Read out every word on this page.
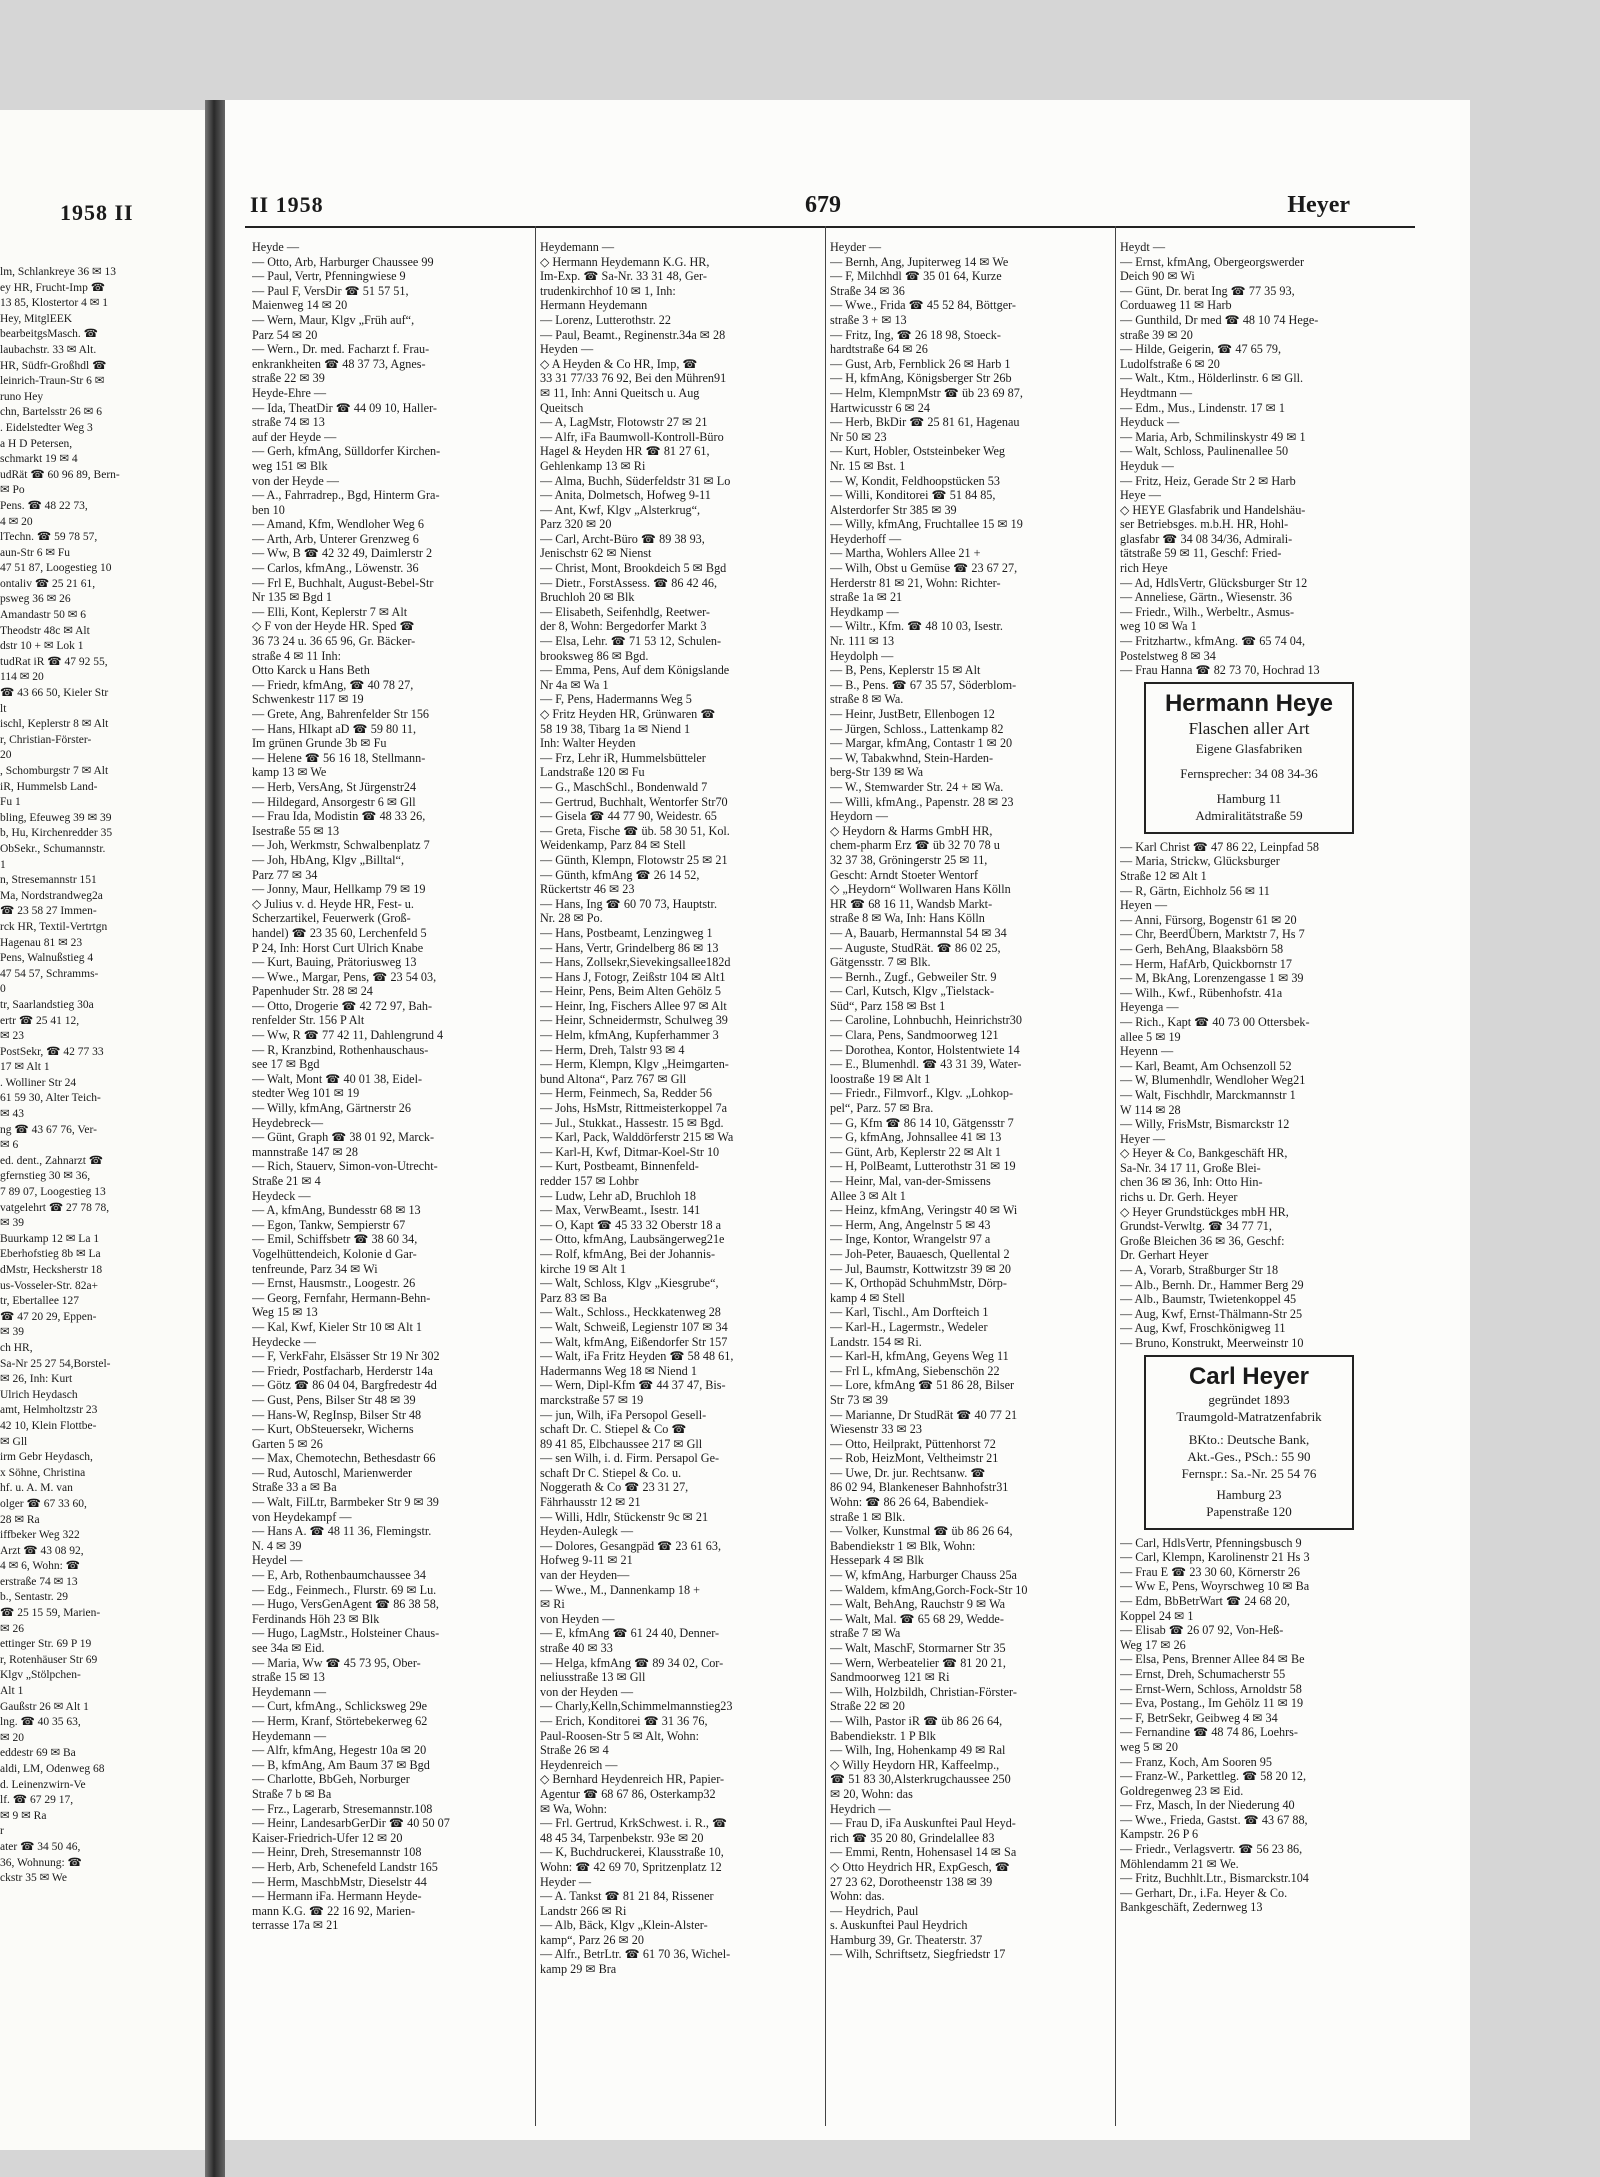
1958 II
lm, Schlankreye 36 ✉ 13
ey HR, Frucht-Imp ☎
13 85, Klostertor 4 ✉ 1
Hey, MitglEEK
bearbeitgsMasch. ☎
laubachstr. 33 ✉ Alt.
HR, Südfr-Großhdl ☎
leinrich-Traun-Str 6 ✉
runo Hey
chn, Bartelsstr 26 ✉ 6
. Eidelstedter Weg 3
a H D Petersen,
schmarkt 19 ✉ 4
udRät ☎ 60 96 89, Bern-
✉ Po
Pens. ☎ 48 22 73,
4 ✉ 20
lTechn. ☎ 59 78 57,
aun-Str 6 ✉ Fu
47 51 87, Loogestieg 10
ontaliv ☎ 25 21 61,
psweg 36 ✉ 26
Amandastr 50 ✉ 6
Theodstr 48c ✉ Alt
dstr 10 + ✉ Lok 1
tudRat iR ☎ 47 92 55,
114 ✉ 20
☎ 43 66 50, Kieler Str
lt
ischl, Keplerstr 8 ✉ Alt
r, Christian-Förster-
20
, Schomburgstr 7 ✉ Alt
iR, Hummelsb Land-
Fu 1
bling, Efeuweg 39 ✉ 39
b, Hu, Kirchenredder 35
ObSekr., Schumannstr.
1
n, Stresemannstr 151
Ma, Nordstrandweg2a
☎ 23 58 27 Immen-
rck HR, Textil-Vertrtgn
Hagenau 81 ✉ 23
Pens, Walnußstieg 4
47 54 57, Schramms-
0
tr, Saarlandstieg 30a
ertr ☎ 25 41 12,
✉ 23
PostSekr, ☎ 42 77 33
17 ✉ Alt 1
. Wolliner Str 24
61 59 30, Alter Teich-
✉ 43
ng ☎ 43 67 76, Ver-
✉ 6
ed. dent., Zahnarzt ☎
gfernstieg 30 ✉ 36,
7 89 07, Loogestieg 13
vatgelehrt ☎ 27 78 78,
✉ 39
Buurkamp 12 ✉ La 1
Eberhofstieg 8b ✉ La
dMstr, Hecksherstr 18
us-Vosseler-Str. 82a+
tr, Ebertallee 127
☎ 47 20 29, Eppen-
✉ 39
ch HR,
Sa-Nr 25 27 54,Borstel-
✉ 26, Inh: Kurt
Ulrich Heydasch
amt, Helmholtzstr 23
42 10, Klein Flottbe-
✉ Gll
irm Gebr Heydasch,
x Söhne, Christina
hf. u. A. M. van
olger ☎ 67 33 60,
28 ✉ Ra
iffbeker Weg 322
Arzt ☎ 43 08 92,
4 ✉ 6, Wohn: ☎
erstraße 74 ✉ 13
b., Sentastr. 29
☎ 25 15 59, Marien-
✉ 26
ettinger Str. 69 P 19
r, Rotenhäuser Str 69
Klgv „Stölpchen-
Alt 1
Gaußstr 26 ✉ Alt 1
lng. ☎ 40 35 63,
✉ 20
eddestr 69 ✉ Ba
aldi, LM, Odenweg 68
d. Leinenzwirn-Ve
lf. ☎ 67 29 17,
✉ 9 ✉ Ra
r
ater ☎ 34 50 46,
36, Wohnung: ☎
ckstr 35 ✉ We
II 1958	679	Heyer
Heyde —
— Otto, Arb, Harburger Chaussee 99
— Paul, Vertr, Pfenningwiese 9
— Paul F, VersDir ☎ 51 57 51,
Maienweg 14 ✉ 20
— Wern, Maur, Klgv „Früh auf“,
Parz 54 ✉ 20
— Wern., Dr. med. Facharzt f. Frau-
enkrankheiten ☎ 48 37 73, Agnes-
straße 22 ✉ 39
Heyde-Ehre —
— Ida, TheatDir ☎ 44 09 10, Haller-
straße 74 ✉ 13
auf der Heyde —
— Gerh, kfmAng, Sülldorfer Kirchen-
weg 151 ✉ Blk
von der Heyde —
— A., Fahrradrep., Bgd, Hinterm Gra-
ben 10
— Amand, Kfm, Wendloher Weg 6
— Arth, Arb, Unterer Grenzweg 6
— Ww, B ☎ 42 32 49, Daimlerstr 2
— Carlos, kfmAng., Löwenstr. 36
— Frl E, Buchhalt, August-Bebel-Str
Nr 135 ✉ Bgd 1
— Elli, Kont, Keplerstr 7 ✉ Alt
◇ F von der Heyde HR. Sped ☎
36 73 24 u. 36 65 96, Gr. Bäcker-
straße 4 ✉ 11 Inh:
Otto Karck u Hans Beth
— Friedr, kfmAng, ☎ 40 78 27,
Schwenkestr 117 ✉ 19
— Grete, Ang, Bahrenfelder Str 156
— Hans, HIkapt aD ☎ 59 80 11,
Im grünen Grunde 3b ✉ Fu
— Helene ☎ 56 16 18, Stellmann-
kamp 13 ✉ We
— Herb, VersAng, St Jürgenstr24
— Hildegard, Ansorgestr 6 ✉ Gll
— Frau Ida, Modistin ☎ 48 33 26,
Isestraße 55 ✉ 13
— Joh, Werkmstr, Schwalbenplatz 7
— Joh, HbAng, Klgv „Billtal“,
Parz 77 ✉ 34
— Jonny, Maur, Hellkamp 79 ✉ 19
◇ Julius v. d. Heyde HR, Fest- u.
Scherzartikel, Feuerwerk (Groß-
handel) ☎ 23 35 60, Lerchenfeld 5
P 24, Inh: Horst Curt Ulrich Knabe
— Kurt, Bauing, Prätoriusweg 13
— Wwe., Margar, Pens, ☎ 23 54 03,
Papenhuder Str. 28 ✉ 24
— Otto, Drogerie ☎ 42 72 97, Bah-
renfelder Str. 156 P Alt
— Ww, R ☎ 77 42 11, Dahlengrund 4
— R, Kranzbind, Rothenhauschaus-
see 17 ✉ Bgd
— Walt, Mont ☎ 40 01 38, Eidel-
stedter Weg 101 ✉ 19
— Willy, kfmAng, Gärtnerstr 26
Heydebreck—
— Günt, Graph ☎ 38 01 92, Marck-
mannstraße 147 ✉ 28
— Rich, Stauerv, Simon-von-Utrecht-
Straße 21 ✉ 4
Heydeck —
— A, kfmAng, Bundesstr 68 ✉ 13
— Egon, Tankw, Sempierstr 67
— Emil, Schiffsbetr ☎ 38 60 34,
Vogelhüttendeich, Kolonie d Gar-
tenfreunde, Parz 34 ✉ Wi
— Ernst, Hausmstr., Loogestr. 26
— Georg, Fernfahr, Hermann-Behn-
Weg 15 ✉ 13
— Kal, Kwf, Kieler Str 10 ✉ Alt 1
Heydecke —
— F, VerkFahr, Elsässer Str 19 Nr 302
— Friedr, Postfacharb, Herderstr 14a
— Götz ☎ 86 04 04, Bargfredestr 4d
— Gust, Pens, Bilser Str 48 ✉ 39
— Hans-W, RegInsp, Bilser Str 48
— Kurt, ObSteuersekr, Wicherns
Garten 5 ✉ 26
— Max, Chemotechn, Bethesdastr 66
— Rud, Autoschl, Marienwerder
Straße 33 a ✉ Ba
— Walt, FilLtr, Barmbeker Str 9 ✉ 39
von Heydekampf —
— Hans A. ☎ 48 11 36, Flemingstr.
N. 4 ✉ 39
Heydel —
— E, Arb, Rothenbaumchaussee 34
— Edg., Feinmech., Flurstr. 69 ✉ Lu.
— Hugo, VersGenAgent ☎ 86 38 58,
Ferdinands Höh 23 ✉ Blk
— Hugo, LagMstr., Holsteiner Chaus-
see 34a ✉ Eid.
— Maria, Ww ☎ 45 73 95, Ober-
straße 15 ✉ 13
Heydemann —
— Curt, kfmAng., Schlicksweg 29e
— Herm, Kranf, Störtebekerweg 62
Heydemann —
— Alfr, kfmAng, Hegestr 10a ✉ 20
— B, kfmAng, Am Baum 37 ✉ Bgd
— Charlotte, BbGeh, Norburger
Straße 7 b ✉ Ba
— Frz., Lagerarb, Stresemannstr.108
— Heinr, LandesarbGerDir ☎ 40 50 07
Kaiser-Friedrich-Ufer 12 ✉ 20
— Heinr, Dreh, Stresemannstr 108
— Herb, Arb, Schenefeld Landstr 165
— Herm, MaschbMstr, Dieselstr 44
— Hermann iFa. Hermann Heyde-
mann K.G. ☎ 22 16 92, Marien-
terrasse 17a ✉ 21
Heydemann —
◇ Hermann Heydemann K.G. HR,
Im-Exp. ☎ Sa-Nr. 33 31 48, Ger-
trudenkirchhof 10 ✉ 1, Inh:
Hermann Heydemann
— Lorenz, Lutterothstr. 22
— Paul, Beamt., Reginenstr.34a ✉ 28
Heyden —
◇ A Heyden & Co HR, Imp, ☎
33 31 77/33 76 92, Bei den Mühren91
✉ 11, Inh: Anni Queitsch u. Aug
Queitsch
— A, LagMstr, Flotowstr 27 ✉ 21
— Alfr, iFa Baumwoll-Kontroll-Büro
Hagel & Heyden HR ☎ 81 27 61,
Gehlenkamp 13 ✉ Ri
— Alma, Buchh, Süderfeldstr 31 ✉ Lo
— Anita, Dolmetsch, Hofweg 9-11
— Ant, Kwf, Klgv „Alsterkrug“,
Parz 320 ✉ 20
— Carl, Archt-Büro ☎ 89 38 93,
Jenischstr 62 ✉ Nienst
— Christ, Mont, Brookdeich 5 ✉ Bgd
— Dietr., ForstAssess. ☎ 86 42 46,
Bruchloh 20 ✉ Blk
— Elisabeth, Seifenhdlg, Reetwer-
der 8, Wohn: Bergedorfer Markt 3
— Elsa, Lehr. ☎ 71 53 12, Schulen-
brooksweg 86 ✉ Bgd.
— Emma, Pens, Auf dem Königslande
Nr 4a ✉ Wa 1
— F, Pens, Hadermanns Weg 5
◇ Fritz Heyden HR, Grünwaren ☎
58 19 38, Tibarg 1a ✉ Niend 1
Inh: Walter Heyden
— Frz, Lehr iR, Hummelsbütteler
Landstraße 120 ✉ Fu
— G., MaschSchl., Bondenwald 7
— Gertrud, Buchhalt, Wentorfer Str70
— Gisela ☎ 44 77 90, Weidestr. 65
— Greta, Fische ☎ üb. 58 30 51, Kol.
Weidenkamp, Parz 84 ✉ Stell
— Günth, Klempn, Flotowstr 25 ✉ 21
— Günth, kfmAng ☎ 26 14 52,
Rückertstr 46 ✉ 23
— Hans, Ing ☎ 60 70 73, Hauptstr.
Nr. 28 ✉ Po.
— Hans, Postbeamt, Lenzingweg 1
— Hans, Vertr, Grindelberg 86 ✉ 13
— Hans, Zollsekr,Sievekingsallee182d
— Hans J, Fotogr, Zeißstr 104 ✉ Alt1
— Heinr, Pens, Beim Alten Gehölz 5
— Heinr, Ing, Fischers Allee 97 ✉ Alt
— Heinr, Schneidermstr, Schulweg 39
— Helm, kfmAng, Kupferhammer 3
— Herm, Dreh, Talstr 93 ✉ 4
— Herm, Klempn, Klgv „Heimgarten-
bund Altona“, Parz 767 ✉ Gll
— Herm, Feinmech, Sa, Redder 56
— Johs, HsMstr, Rittmeisterkoppel 7a
— Jul., Stukkat., Hassestr. 15 ✉ Bgd.
— Karl, Pack, Walddörferstr 215 ✉ Wa
— Karl-H, Kwf, Ditmar-Koel-Str 10
— Kurt, Postbeamt, Binnenfeld-
redder 157 ✉ Lohbr
— Ludw, Lehr aD, Bruchloh 18
— Max, VerwBeamt., Isestr. 141
— O, Kapt ☎ 45 33 32 Oberstr 18 a
— Otto, kfmAng, Laubsängerweg21e
— Rolf, kfmAng, Bei der Johannis-
kirche 19 ✉ Alt 1
— Walt, Schloss, Klgv „Kiesgrube“,
Parz 83 ✉ Ba
— Walt., Schloss., Heckkatenweg 28
— Walt, Schweiß, Legienstr 107 ✉ 34
— Walt, kfmAng, Eißendorfer Str 157
— Walt, iFa Fritz Heyden ☎ 58 48 61,
Hadermanns Weg 18 ✉ Niend 1
— Wern, Dipl-Kfm ☎ 44 37 47, Bis-
marckstraße 57 ✉ 19
— jun, Wilh, iFa Persopol Gesell-
schaft Dr. C. Stiepel & Co ☎
89 41 85, Elbchaussee 217 ✉ Gll
— sen Wilh, i. d. Firm. Persapol Ge-
schaft Dr C. Stiepel & Co. u.
Noggerath & Co ☎ 23 31 27,
Fährhausstr 12 ✉ 21
— Willi, Hdlr, Stückenstr 9c ✉ 21
Heyden-Aulegk —
— Dolores, Gesangpäd ☎ 23 61 63,
Hofweg 9-11 ✉ 21
van der Heyden—
— Wwe., M., Dannenkamp 18 +
✉ Ri
von Heyden —
— E, kfmAng ☎ 61 24 40, Denner-
straße 40 ✉ 33
— Helga, kfmAng ☎ 89 34 02, Cor-
neliusstraße 13 ✉ Gll
von der Heyden —
— Charly,Kelln,Schimmelmannstieg23
— Erich, Konditorei ☎ 31 36 76,
Paul-Roosen-Str 5 ✉ Alt, Wohn:
Straße 26 ✉ 4
Heydenreich —
◇ Bernhard Heydenreich HR, Papier-
Agentur ☎ 68 67 86, Osterkamp32
✉ Wa, Wohn:
— Frl. Gertrud, KrkSchwest. i. R., ☎
48 45 34, Tarpenbekstr. 93e ✉ 20
— K, Buchdruckerei, Klausstraße 10,
Wohn: ☎ 42 69 70, Spritzenplatz 12
Heyder —
— A. Tankst ☎ 81 21 84, Rissener
Landstr 266 ✉ Ri
— Alb, Bäck, Klgv „Klein-Alster-
kamp“, Parz 26 ✉ 20
— Alfr., BetrLtr. ☎ 61 70 36, Wichel-
kamp 29 ✉ Bra
Heyder —
— Bernh, Ang, Jupiterweg 14 ✉ We
— F, Milchhdl ☎ 35 01 64, Kurze
Straße 34 ✉ 36
— Wwe., Frida ☎ 45 52 84, Böttger-
straße 3 + ✉ 13
— Fritz, Ing, ☎ 26 18 98, Stoeck-
hardtstraße 64 ✉ 26
— Gust, Arb, Fernblick 26 ✉ Harb 1
— H, kfmAng, Königsberger Str 26b
— Helm, KlempnMstr ☎ üb 23 69 87,
Hartwicusstr 6 ✉ 24
— Herb, BkDir ☎ 25 81 61, Hagenau
Nr 50 ✉ 23
— Kurt, Hobler, Oststeinbeker Weg
Nr. 15 ✉ Bst. 1
— W, Kondit, Feldhoopstücken 53
— Willi, Konditorei ☎ 51 84 85,
Alsterdorfer Str 385 ✉ 39
— Willy, kfmAng, Fruchtallee 15 ✉ 19
Heyderhoff —
— Martha, Wohlers Allee 21 +
— Wilh, Obst u Gemüse ☎ 23 67 27,
Herderstr 81 ✉ 21, Wohn: Richter-
straße 1a ✉ 21
Heydkamp —
— Wiltr., Kfm. ☎ 48 10 03, Isestr.
Nr. 111 ✉ 13
Heydolph —
— B, Pens, Keplerstr 15 ✉ Alt
— B., Pens. ☎ 67 35 57, Söderblom-
straße 8 ✉ Wa.
— Heinr, JustBetr, Ellenbogen 12
— Jürgen, Schloss., Lattenkamp 82
— Margar, kfmAng, Contastr 1 ✉ 20
— W, Tabakwhnd, Stein-Harden-
berg-Str 139 ✉ Wa
— W., Stemwarder Str. 24 + ✉ Wa.
— Willi, kfmAng., Papenstr. 28 ✉ 23
Heydorn —
◇ Heydorn & Harms GmbH HR,
chem-pharm Erz ☎ üb 32 70 78 u
32 37 38, Gröningerstr 25 ✉ 11,
Gescht: Arndt Stoeter Wentorf
◇ „Heydorn“ Wollwaren Hans Kölln
HR ☎ 68 16 11, Wandsb Markt-
straße 8 ✉ Wa, Inh: Hans Kölln
— A, Bauarb, Hermannstal 54 ✉ 34
— Auguste, StudRät. ☎ 86 02 25,
Gätgensstr. 7 ✉ Blk.
— Bernh., Zugf., Gebweiler Str. 9
— Carl, Kutsch, Klgv „Tielstack-
Süd“, Parz 158 ✉ Bst 1
— Caroline, Lohnbuchh, Heinrichstr30
— Clara, Pens, Sandmoorweg 121
— Dorothea, Kontor, Holstentwiete 14
— E., Blumenhdl. ☎ 43 31 39, Water-
loostraße 19 ✉ Alt 1
— Friedr., Filmvorf., Klgv. „Lohkop-
pel“, Parz. 57 ✉ Bra.
— G, Kfm ☎ 86 14 10, Gätgensstr 7
— G, kfmAng, Johnsallee 41 ✉ 13
— Günt, Arb, Keplerstr 22 ✉ Alt 1
— H, PolBeamt, Lutterothstr 31 ✉ 19
— Heinr, Mal, van-der-Smissens
Allee 3 ✉ Alt 1
— Heinz, kfmAng, Veringstr 40 ✉ Wi
— Herm, Ang, Angelnstr 5 ✉ 43
— Inge, Kontor, Wrangelstr 97 a
— Joh-Peter, Bauaesch, Quellental 2
— Jul, Baumstr, Kottwitzstr 39 ✉ 20
— K, Orthopäd SchuhmMstr, Dörp-
kamp 4 ✉ Stell
— Karl, Tischl., Am Dorfteich 1
— Karl-H., Lagermstr., Wedeler
Landstr. 154 ✉ Ri.
— Karl-H, kfmAng, Geyens Weg 11
— Frl L, kfmAng, Siebenschön 22
— Lore, kfmAng ☎ 51 86 28, Bilser
Str 73 ✉ 39
— Marianne, Dr StudRät ☎ 40 77 21
Wiesenstr 33 ✉ 23
— Otto, Heilprakt, Püttenhorst 72
— Rob, HeizMont, Veltheimstr 21
— Uwe, Dr. jur. Rechtsanw. ☎
86 02 94, Blankeneser Bahnhofstr31
Wohn: ☎ 86 26 64, Babendiek-
straße 1 ✉ Blk.
— Volker, Kunstmal ☎ üb 86 26 64,
Babendiekstr 1 ✉ Blk, Wohn:
Hessepark 4 ✉ Blk
— W, kfmAng, Harburger Chauss 25a
— Waldem, kfmAng,Gorch-Fock-Str 10
— Walt, BehAng, Rauchstr 9 ✉ Wa
— Walt, Mal. ☎ 65 68 29, Wedde-
straße 7 ✉ Wa
— Walt, MaschF, Stormarner Str 35
— Wern, Werbeatelier ☎ 81 20 21,
Sandmoorweg 121 ✉ Ri
— Wilh, Holzbildh, Christian-Förster-
Straße 22 ✉ 20
— Wilh, Pastor iR ☎ üb 86 26 64,
Babendiekstr. 1 P Blk
— Wilh, Ing, Hohenkamp 49 ✉ Ral
◇ Willy Heydorn HR, Kaffeelmp.,
☎ 51 83 30,Alsterkrugchaussee 250
✉ 20, Wohn: das
Heydrich —
— Frau D, iFa Auskunftei Paul Heyd-
rich ☎ 35 20 80, Grindelallee 83
— Emmi, Rentn, Hohensasel 14 ✉ Sa
◇ Otto Heydrich HR, ExpGesch, ☎
27 23 62, Dorotheenstr 138 ✉ 39
Wohn: das.
— Heydrich, Paul
s. Auskunftei Paul Heydrich
Hamburg 39, Gr. Theaterstr. 37
— Wilh, Schriftsetz, Siegfriedstr 17
Heydt —
— Ernst, kfmAng, Obergeorgswerder
Deich 90 ✉ Wi
— Günt, Dr. berat Ing ☎ 77 35 93,
Corduaweg 11 ✉ Harb
— Gunthild, Dr med ☎ 48 10 74 Hege-
straße 39 ✉ 20
— Hilde, Geigerin, ☎ 47 65 79,
Ludolfstraße 6 ✉ 20
— Walt., Ktm., Hölderlinstr. 6 ✉ Gll.
Heydtmann —
— Edm., Mus., Lindenstr. 17 ✉ 1
Heyduck —
— Maria, Arb, Schmilinskystr 49 ✉ 1
— Walt, Schloss, Paulinenallee 50
Heyduk —
— Fritz, Heiz, Gerade Str 2 ✉ Harb
Heye —
◇ HEYE Glasfabrik und Handelshäu-
ser Betriebsges. m.b.H. HR, Hohl-
glasfabr ☎ 34 08 34/36, Admirali-
tätstraße 59 ✉ 11, Geschf: Fried-
rich Heye
— Ad, HdlsVertr, Glücksburger Str 12
— Anneliese, Gärtn., Wiesenstr. 36
— Friedr., Wilh., Werbeltr., Asmus-
weg 10 ✉ Wa 1
— Fritzhartw., kfmAng. ☎ 65 74 04,
Postelstweg 8 ✉ 34
— Frau Hanna ☎ 82 73 70, Hochrad 13
Hermann Heye
Flaschen aller Art
Eigene Glasfabriken
Fernsprecher: 34 08 34-36
Hamburg 11
Admiralitätstraße 59
— Karl Christ ☎ 47 86 22, Leinpfad 58
— Maria, Strickw, Glücksburger
Straße 12 ✉ Alt 1
— R, Gärtn, Eichholz 56 ✉ 11
Heyen —
— Anni, Fürsorg, Bogenstr 61 ✉ 20
— Chr, BeerdÜbern, Marktstr 7, Hs 7
— Gerh, BehAng, Blaaksbörn 58
— Herm, HafArb, Quickbornstr 17
— M, BkAng, Lorenzengasse 1 ✉ 39
— Wilh., Kwf., Rübenhofstr. 41a
Heyenga —
— Rich., Kapt ☎ 40 73 00 Ottersbek-
allee 5 ✉ 19
Heyenn —
— Karl, Beamt, Am Ochsenzoll 52
— W, Blumenhdlr, Wendloher Weg21
— Walt, Fischhdlr, Marckmannstr 1
W 114 ✉ 28
— Willy, FrisMstr, Bismarckstr 12
Heyer —
◇ Heyer & Co, Bankgeschäft HR,
Sa-Nr. 34 17 11, Große Blei-
chen 36 ✉ 36, Inh: Otto Hin-
richs u. Dr. Gerh. Heyer
◇ Heyer Grundstückges mbH HR,
Grundst-Verwltg. ☎ 34 77 71,
Große Bleichen 36 ✉ 36, Geschf:
Dr. Gerhart Heyer
— A, Vorarb, Straßburger Str 18
— Alb., Bernh. Dr., Hammer Berg 29
— Alb., Baumstr, Twietenkoppel 45
— Aug, Kwf, Ernst-Thälmann-Str 25
— Aug, Kwf, Froschkönigweg 11
— Bruno, Konstrukt, Meerweinstr 10
Carl Heyer
gegründet 1893
Traumgold-Matratzenfabrik
BKto.: Deutsche Bank,
Akt.-Ges., PSch.: 55 90
Fernspr.: Sa.-Nr. 25 54 76
Hamburg 23
Papenstraße 120
— Carl, HdlsVertr, Pfenningsbusch 9
— Carl, Klempn, Karolinenstr 21 Hs 3
— Frau E ☎ 23 30 60, Körnerstr 26
— Ww E, Pens, Woyrschweg 10 ✉ Ba
— Edm, BbBetrWart ☎ 24 68 20,
Koppel 24 ✉ 1
— Elisab ☎ 26 07 92, Von-Heß-
Weg 17 ✉ 26
— Elsa, Pens, Brenner Allee 84 ✉ Be
— Ernst, Dreh, Schumacherstr 55
— Ernst-Wern, Schloss, Arnoldstr 58
— Eva, Postang., Im Gehölz 11 ✉ 19
— F, BetrSekr, Geibweg 4 ✉ 34
— Fernandine ☎ 48 74 86, Loehrs-
weg 5 ✉ 20
— Franz, Koch, Am Sooren 95
— Franz-W., Parkettleg. ☎ 58 20 12,
Goldregenweg 23 ✉ Eid.
— Frz, Masch, In der Niederung 40
— Wwe., Frieda, Gastst. ☎ 43 67 88,
Kampstr. 26 P 6
— Friedr., Verlagsvertr. ☎ 56 23 86,
Möhlendamm 21 ✉ We.
— Fritz, Buchhlt.Ltr., Bismarckstr.104
— Gerhart, Dr., i.Fa. Heyer & Co.
Bankgeschäft, Zedernweg 13
